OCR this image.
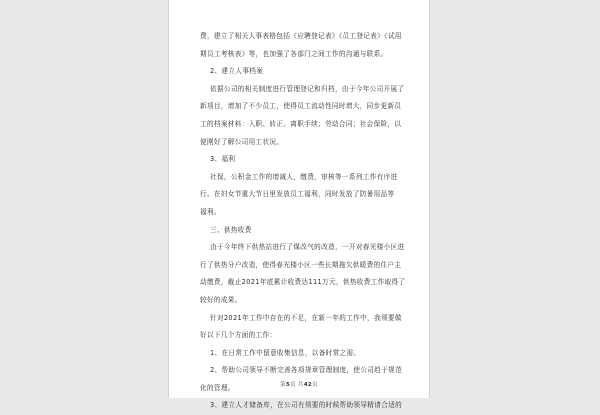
费，建立了相关人事表格包括《应聘登记表》《员工登记表》《试用
期员工考核表》等，也加强了各部门之间工作的沟通与联系。
2、建立人事档案
依据公司的相关制度进行管理登记和归档，由于今年公司开展了
新项目，增加了不少员工，使得员工流动性同时增大，同步更新员
工的档案材料：入职、转正、离职手续；劳动合同；社会保险，以
便刚好了解公司用工状况。
3、福利
社保，公积金工作的增减人，缴费，审核等一系列工作有序进
行。在妇女节重大节日里发放员工福利，同时发放了防暑用品等
福利。
三、供热收费
由于今年终下供热站进行了煤改气的改造，一开对春光楼小区进
行了供热分户改造，使得春光楼小区一些长期拖欠供暖费的住户主
动缴费，截止2021年底累计收费达111万元，供热收费工作取得了
较好的成果。
针对2021年工作中存在的不足，在新一年的工作中，我须要做
好以下几个方面的工作：
1、在日常工作中留意收集信息，以备时常之需。
2、帮助公司领导不断完善各项规章管理制度，使公司趋于规范
化的管理。
3、建立人才储备库，在公司有须要的时候帮助领导精请合适的
第5页 共42页
